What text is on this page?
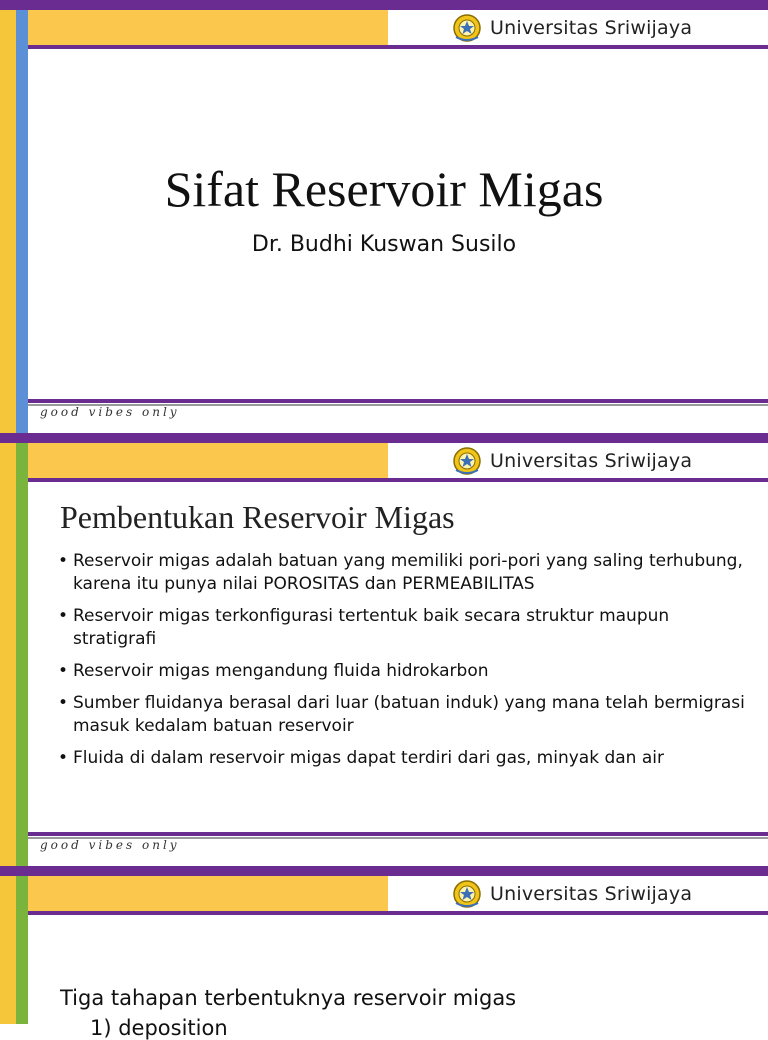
Universitas Sriwijaya
Sifat Reservoir Migas
Dr. Budhi Kuswan Susilo
good vibes only
Universitas Sriwijaya
Pembentukan Reservoir Migas
• Reservoir migas adalah batuan yang memiliki pori-pori yang saling terhubung, karena itu punya nilai POROSITAS dan PERMEABILITAS
• Reservoir migas terkonfigurasi tertentuk baik secara struktur maupun stratigrafi
• Reservoir migas mengandung fluida hidrokarbon
• Sumber fluidanya berasal dari luar (batuan induk) yang mana telah bermigrasi masuk kedalam batuan reservoir
• Fluida di dalam reservoir migas dapat terdiri dari gas, minyak dan air
good vibes only
Universitas Sriwijaya
Tiga tahapan terbentuknya reservoir migas
1) deposition
